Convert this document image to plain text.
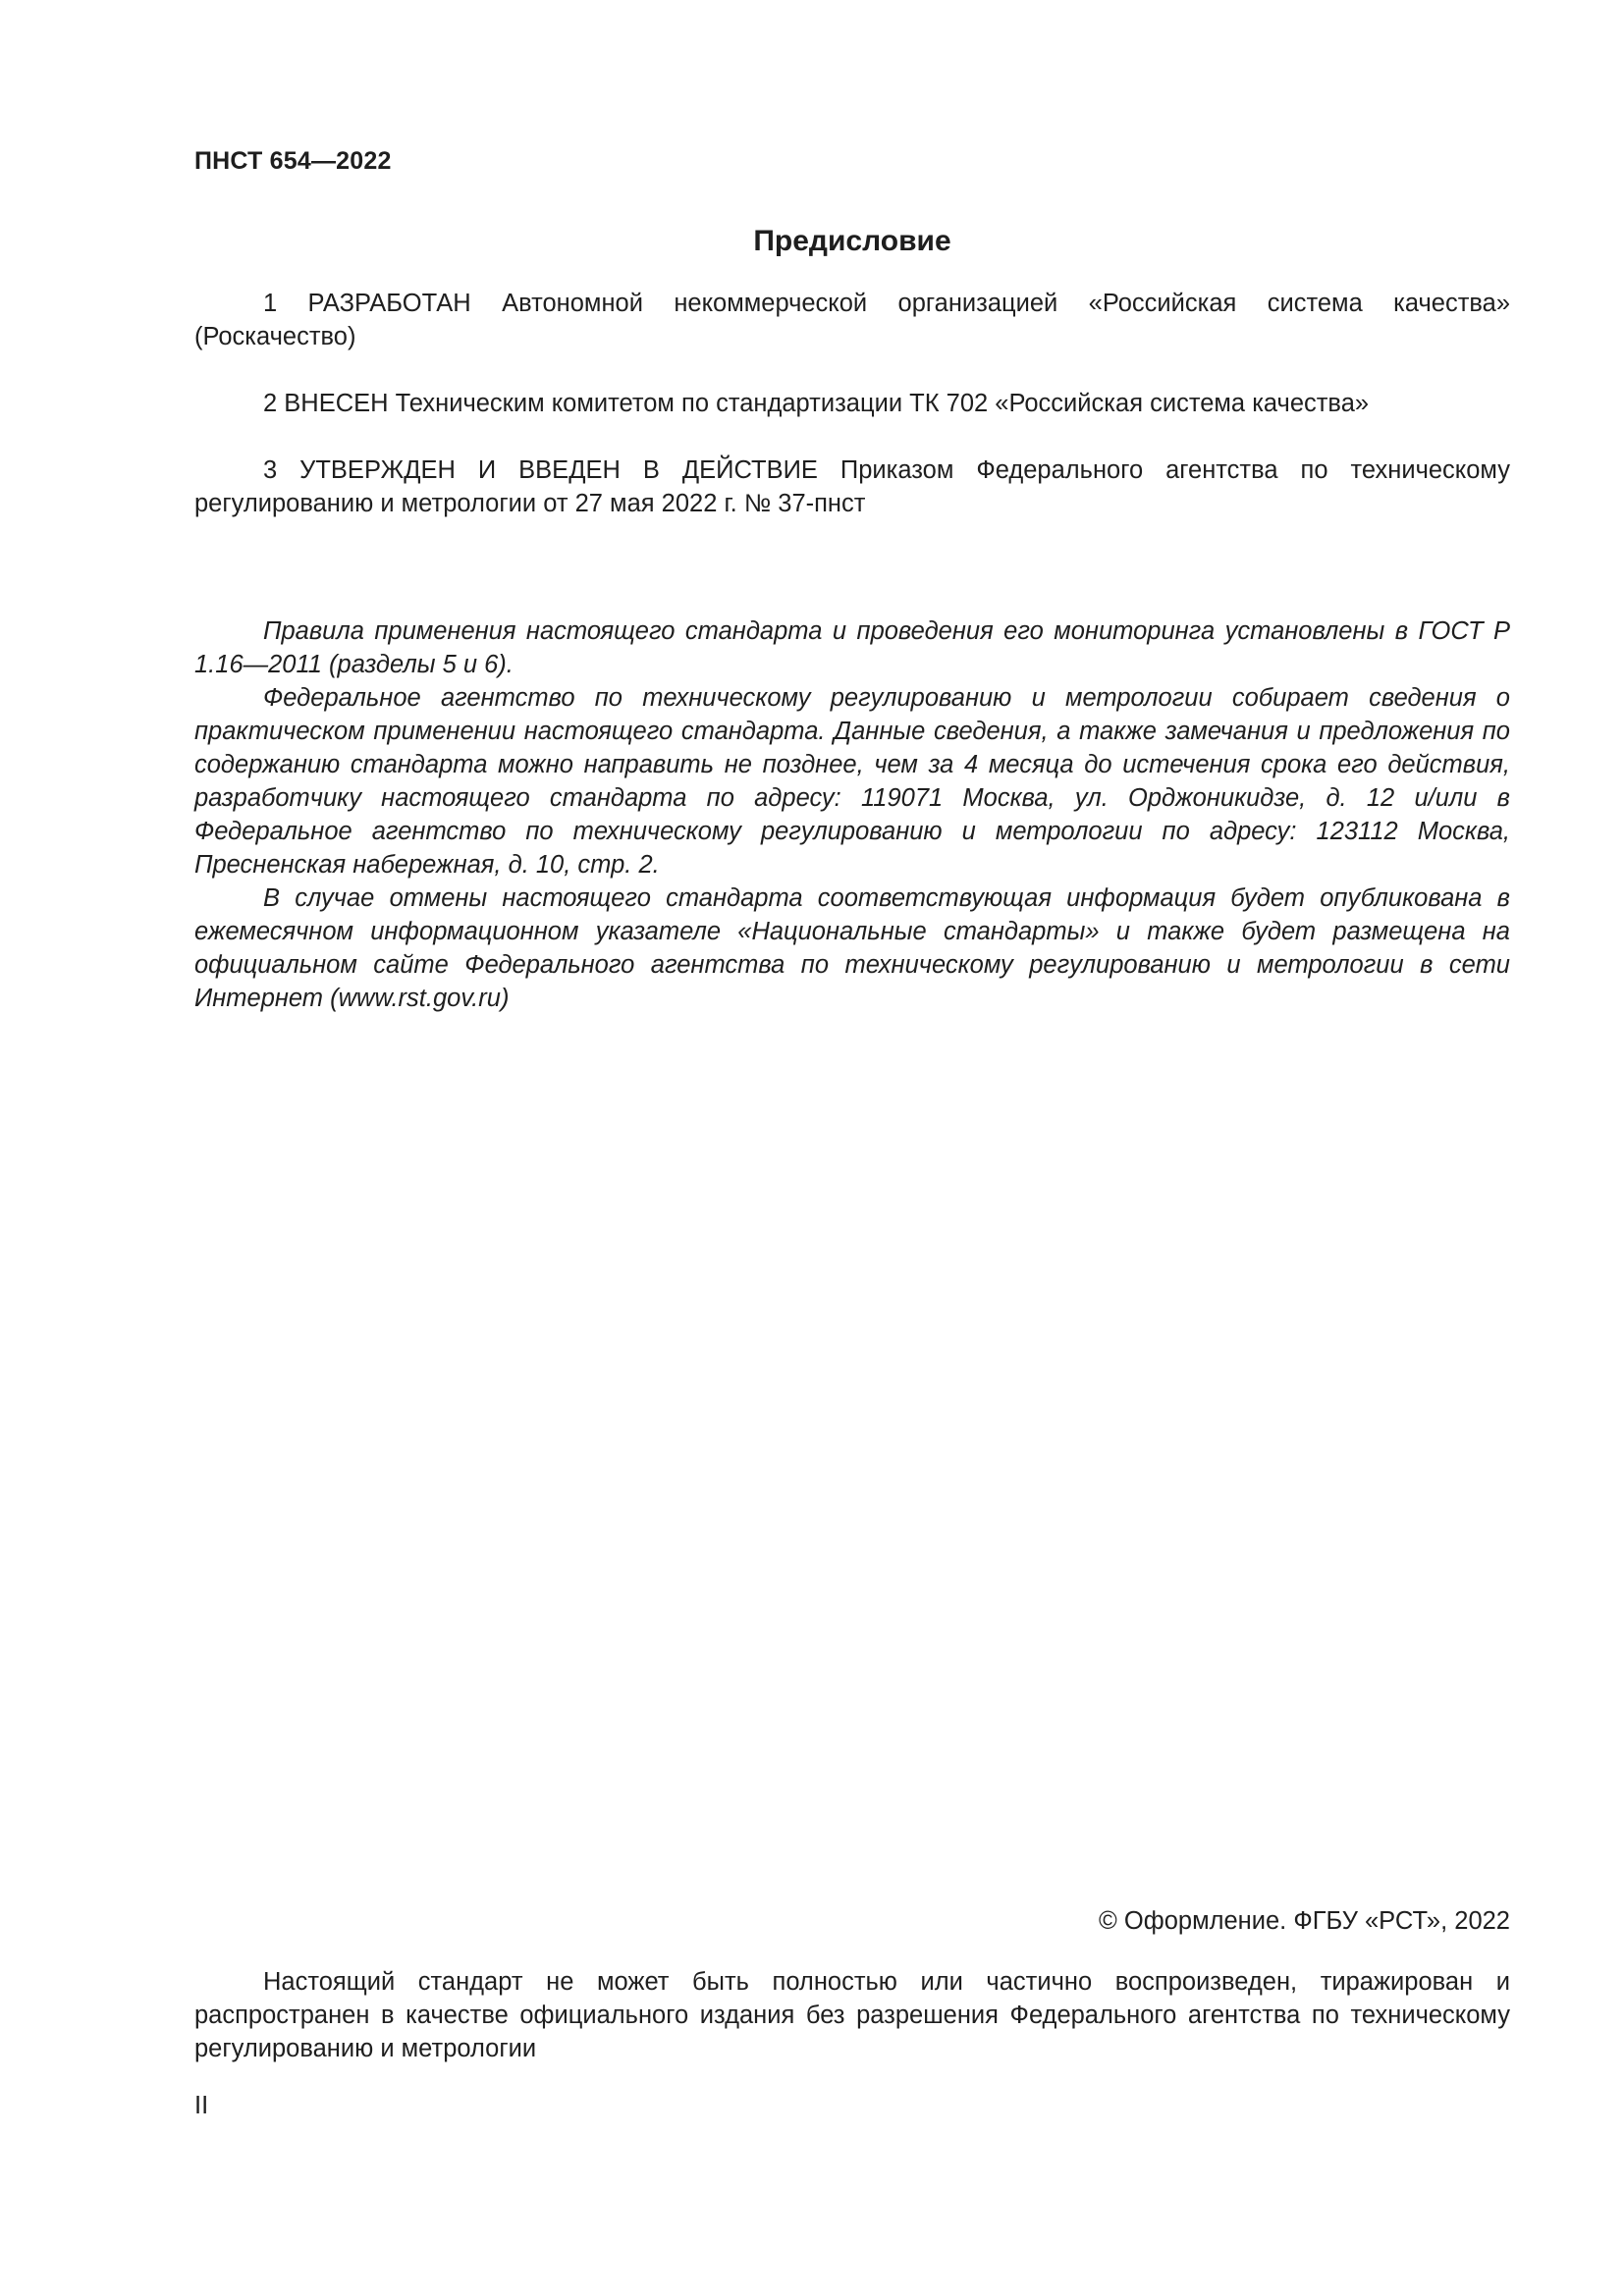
ПНСТ 654—2022
Предисловие

1 РАЗРАБОТАН Автономной некоммерческой организацией «Российская система качества» (Роскачество)

2 ВНЕСЕН Техническим комитетом по стандартизации ТК 702 «Российская система качества»

3 УТВЕРЖДЕН И ВВЕДЕН В ДЕЙСТВИЕ Приказом Федерального агентства по техническому регулированию и метрологии от 27 мая 2022 г. № 37-пнст

Правила применения настоящего стандарта и проведения его мониторинга установлены в ГОСТ Р 1.16—2011 (разделы 5 и 6).

Федеральное агентство по техническому регулированию и метрологии собирает сведения о практическом применении настоящего стандарта. Данные сведения, а также замечания и предложения по содержанию стандарта можно направить не позднее, чем за 4 месяца до истечения срока его действия, разработчику настоящего стандарта по адресу: 119071 Москва, ул. Орджоникидзе, д. 12 и/или в Федеральное агентство по техническому регулированию и метрологии по адресу: 123112 Москва, Пресненская набережная, д. 10, стр. 2.

В случае отмены настоящего стандарта соответствующая информация будет опубликована в ежемесячном информационном указателе «Национальные стандарты» и также будет размещена на официальном сайте Федерального агентства по техническому регулированию и метрологии в сети Интернет (www.rst.gov.ru)

© Оформление. ФГБУ «РСТ», 2022

Настоящий стандарт не может быть полностью или частично воспроизведен, тиражирован и распространен в качестве официального издания без разрешения Федерального агентства по техническому регулированию и метрологии

II
